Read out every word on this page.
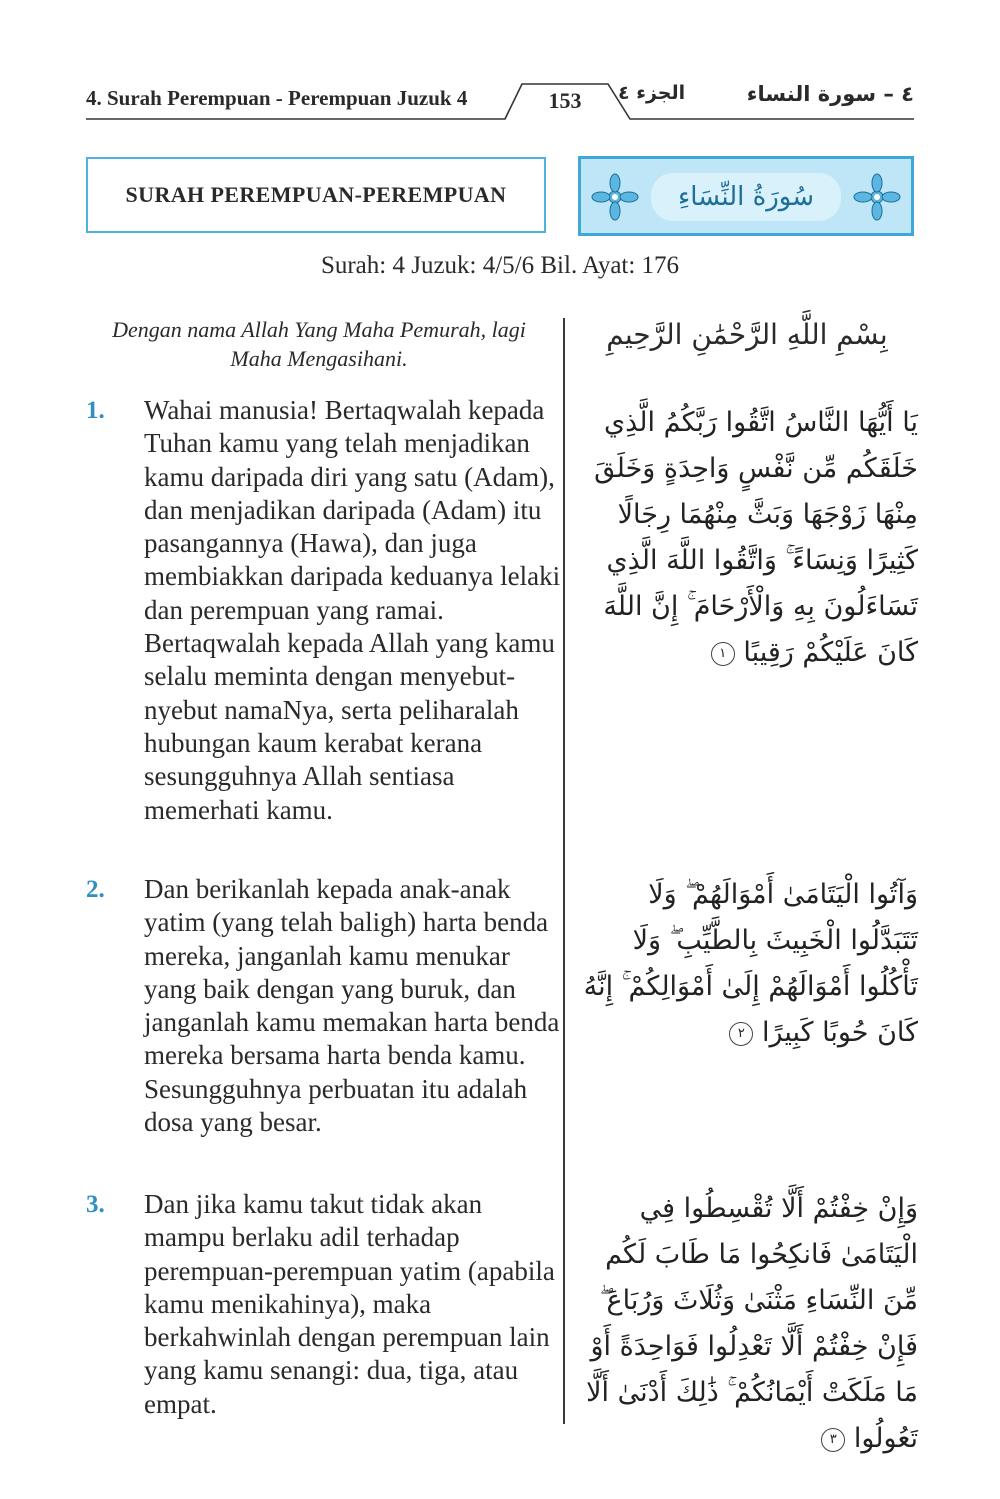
4. Surah Perempuan - Perempuan Juzuk 4	153	الجزء ٤	٤ – سورة النساء
SURAH PEREMPUAN-PEREMPUAN	سُورَةُ النِّسَاءِ
Surah: 4 Juzuk: 4/5/6 Bil. Ayat: 176
Dengan nama Allah Yang Maha Pemurah, lagi Maha Mengasihani.
بِسْمِ اللَّهِ الرَّحْمَٰنِ الرَّحِيمِ
1. Wahai manusia! Bertaqwalah kepada Tuhan kamu yang telah menjadikan kamu daripada diri yang satu (Adam), dan menjadikan daripada (Adam) itu pasangannya (Hawa), dan juga membiakkan daripada keduanya lelaki dan perempuan yang ramai. Bertaqwalah kepada Allah yang kamu selalu meminta dengan menyebut-nyebut namaNya, serta peliharalah hubungan kaum kerabat kerana sesungguhnya Allah sentiasa memerhati kamu.
يَا أَيُّهَا النَّاسُ اتَّقُوا رَبَّكُمُ الَّذِي خَلَقَكُم مِّن نَّفْسٍ وَاحِدَةٍ وَخَلَقَ مِنْهَا زَوْجَهَا وَبَثَّ مِنْهُمَا رِجَالًا كَثِيرًا وَنِسَاءً ۚ وَاتَّقُوا اللَّهَ الَّذِي تَسَاءَلُونَ بِهِ وَالْأَرْحَامَ ۚ إِنَّ اللَّهَ كَانَ عَلَيْكُمْ رَقِيبًا ١
2. Dan berikanlah kepada anak-anak yatim (yang telah baligh) harta benda mereka, janganlah kamu menukar yang baik dengan yang buruk, dan janganlah kamu memakan harta benda mereka bersama harta benda kamu. Sesungguhnya perbuatan itu adalah dosa yang besar.
وَآتُوا الْيَتَامَىٰ أَمْوَالَهُمْ ۖ وَلَا تَتَبَدَّلُوا الْخَبِيثَ بِالطَّيِّبِ ۖ وَلَا تَأْكُلُوا أَمْوَالَهُمْ إِلَىٰ أَمْوَالِكُمْ ۚ إِنَّهُ كَانَ حُوبًا كَبِيرًا ٢
3. Dan jika kamu takut tidak akan mampu berlaku adil terhadap perempuan-perempuan yatim (apabila kamu menikahinya), maka berkahwinlah dengan perempuan lain yang kamu senangi: dua, tiga, atau empat.
وَإِنْ خِفْتُمْ أَلَّا تُقْسِطُوا فِي الْيَتَامَىٰ فَانكِحُوا مَا طَابَ لَكُم مِّنَ النِّسَاءِ مَثْنَىٰ وَثُلَاثَ وَرُبَاعَ ۖ فَإِنْ خِفْتُمْ أَلَّا تَعْدِلُوا فَوَاحِدَةً أَوْ مَا مَلَكَتْ أَيْمَانُكُمْ ۚ ذَٰلِكَ أَدْنَىٰ أَلَّا تَعُولُوا ٣
